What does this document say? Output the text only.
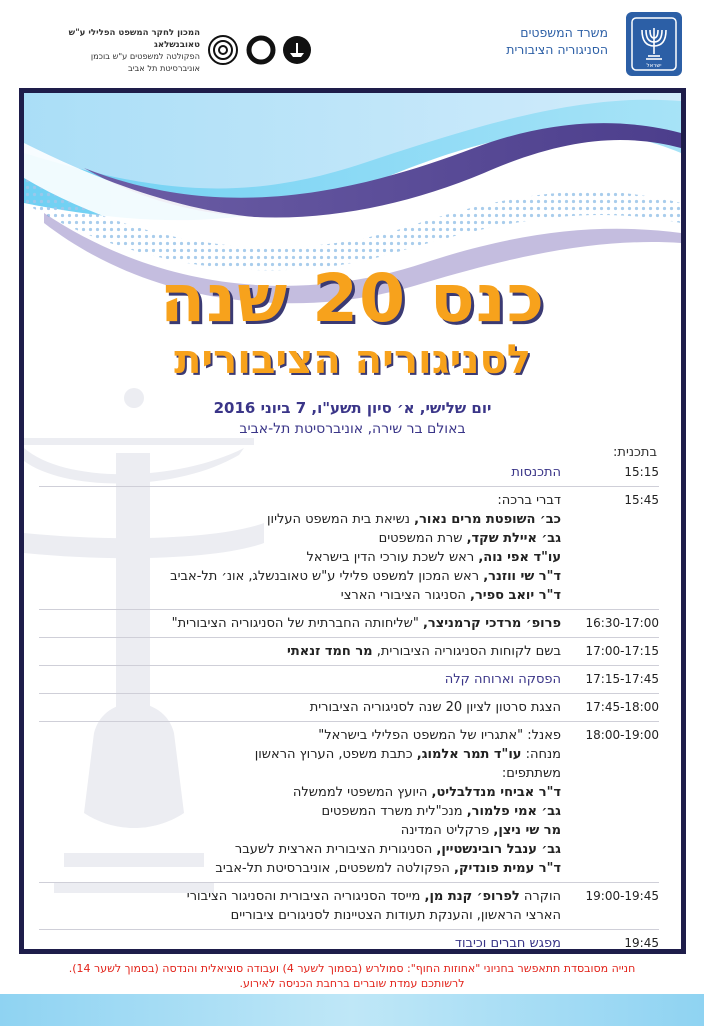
ישראל
משרד המשפטים
הסניגוריה הציבורית
המכון לחקר המשפט הפלילי ע"ש טאובנשלאג
הפקולטה למשפטים ע"ש בוכמן
אוניברסיטת תל אביב
כנס 20 שנה
לסניגוריה הציבורית
יום שלישי, א׳ סיון תשע"ו, 7 ביוני 2016
באולם בר שירה, אוניברסיטת תל-אביב
בתכנית:
15:15
התכנסות
15:45
דברי ברכה:
כב׳ השופטת מרים נאור, נשיאת בית המשפט העליון
גב׳ איילת שקד, שרת המשפטים
עו"ד אפי נוה, ראש לשכת עורכי הדין בישראל
ד"ר שי ווזנר, ראש המכון למשפט פלילי ע"ש טאובנשלג, אונ׳ תל-אביב
ד"ר יואב ספיר, הסניגור הציבורי הארצי
16:30-17:00
פרופ׳ מרדכי קרמניצר, "שליחותה החברתית של הסניגוריה הציבורית"
17:00-17:15
בשם לקוחות הסניגוריה הציבורית, מר חמד זנאתי
17:15-17:45
הפסקה וארוחה קלה
17:45-18:00
הצגת סרטון לציון 20 שנה לסניגוריה הציבורית
18:00-19:00
פאנל: "אתגריו של המשפט הפלילי בישראל"
מנחה: עו"ד תמר אלמוג, כתבת משפט, הערוץ הראשון
משתתפים:
ד"ר אביחי מנדלבליט, היועץ המשפטי לממשלה
גב׳ אמי פלמור, מנכ"לית משרד המשפטים
מר שי ניצן, פרקליט המדינה
גב׳ ענבל רובינשטיין, הסניגורית הציבורית הארצית לשעבר
ד"ר עמית פונדיק, הפקולטה למשפטים, אוניברסיטת תל-אביב
19:00-19:45
הוקרה לפרופ׳ קנת מן, מייסד הסניגוריה הציבורית והסניגור הציבורי
הארצי הראשון, והענקת תעודות הצטיינות לסניגורים ציבוריים
19:45
מפגש חברים וכיבוד
חנייה מסובסדת תתאפשר בחניוני "אחוזות החוף": סמולרש (בסמוך לשער 4) ועבודה סוציאלית והנדסה (בסמוך לשער 14).
לרשותכם עמדת שוברים ברחבת הכניסה לאירוע.
